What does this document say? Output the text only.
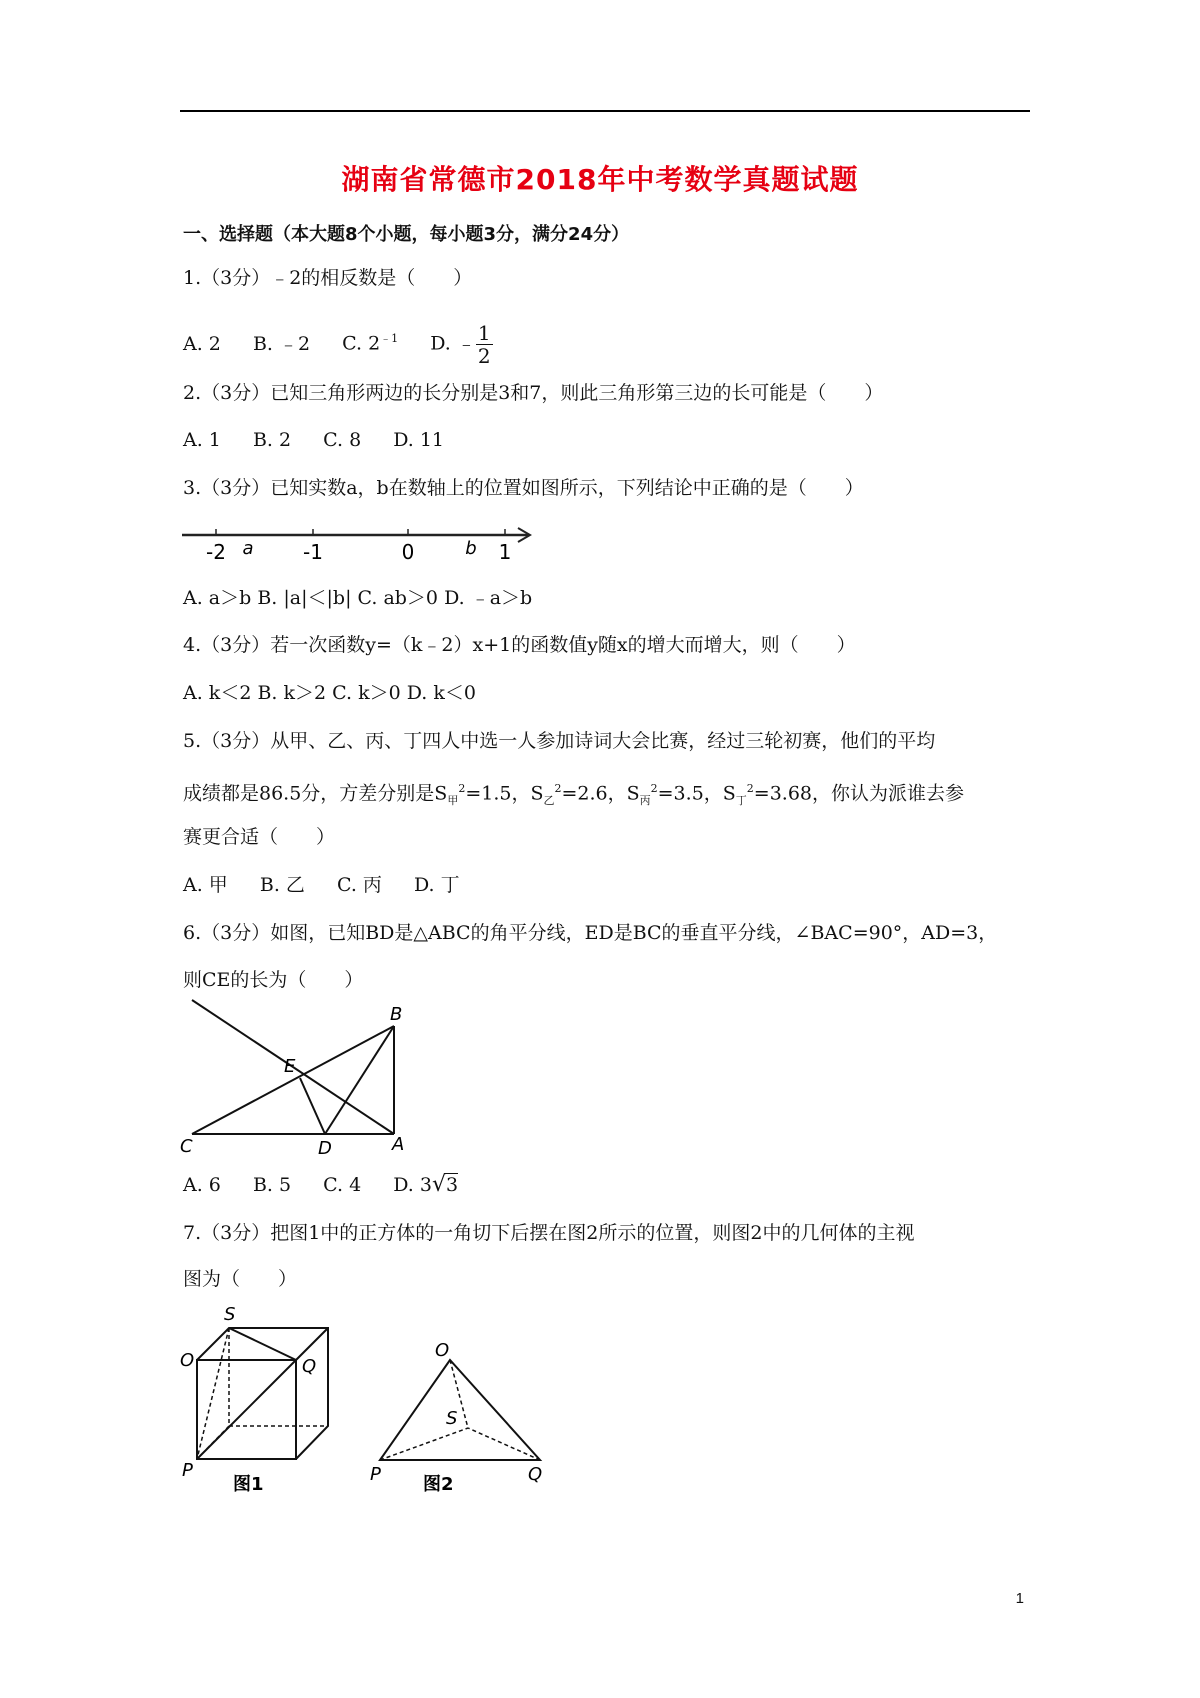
湖南省常德市2018年中考数学真题试题
一、选择题（本大题8个小题，每小题3分，满分24分）
1.（3分）﹣2的相反数是（　　）
A. 2 B. ﹣2 C. $2^{﹣1}$ D. ﹣ $\frac{1}{2}$
2.（3分）已知三角形两边的长分别是3和7，则此三角形第三边的长可能是（　　）
A. 1 B. 2 C. 8 D. 11
3.（3分）已知实数a，b在数轴上的位置如图所示，下列结论中正确的是（　　）
-2	-1	0	1
a	b
A. a＞b B. |a|＜|b| C. ab＞0 D. ﹣a＞b
4.（3分）若一次函数y=（k﹣2）x+1的函数值y随x的增大而增大，则（　　）
A. k＜2 B. k＞2 C. k＞0 D. k＜0
5.（3分）从甲、乙、丙、丁四人中选一人参加诗词大会比赛，经过三轮初赛，他们的平均
成绩都是86.5分，方差分别是$S_甲^2=1.5$，$S_乙^2=2.6$，$S_丙^2=3.5$，$S_丁^2=3.68$，你认为派谁去参
赛更合适（　　）
A. 甲 B. 乙 C. 丙 D. 丁
6.（3分）如图，已知BD是△ABC的角平分线，ED是BC的垂直平分线，∠BAC=90°，AD=3，
则CE的长为（　　）
B
E
C	D	A
A. 6 B. 5 C. 4 D. 3√3
7.（3分）把图1中的正方体的一角切下后摆在图2所示的位置，则图2中的几何体的主视
图为（　　）
S
O	Q
P
图1
O
S
P	Q
图2
1
